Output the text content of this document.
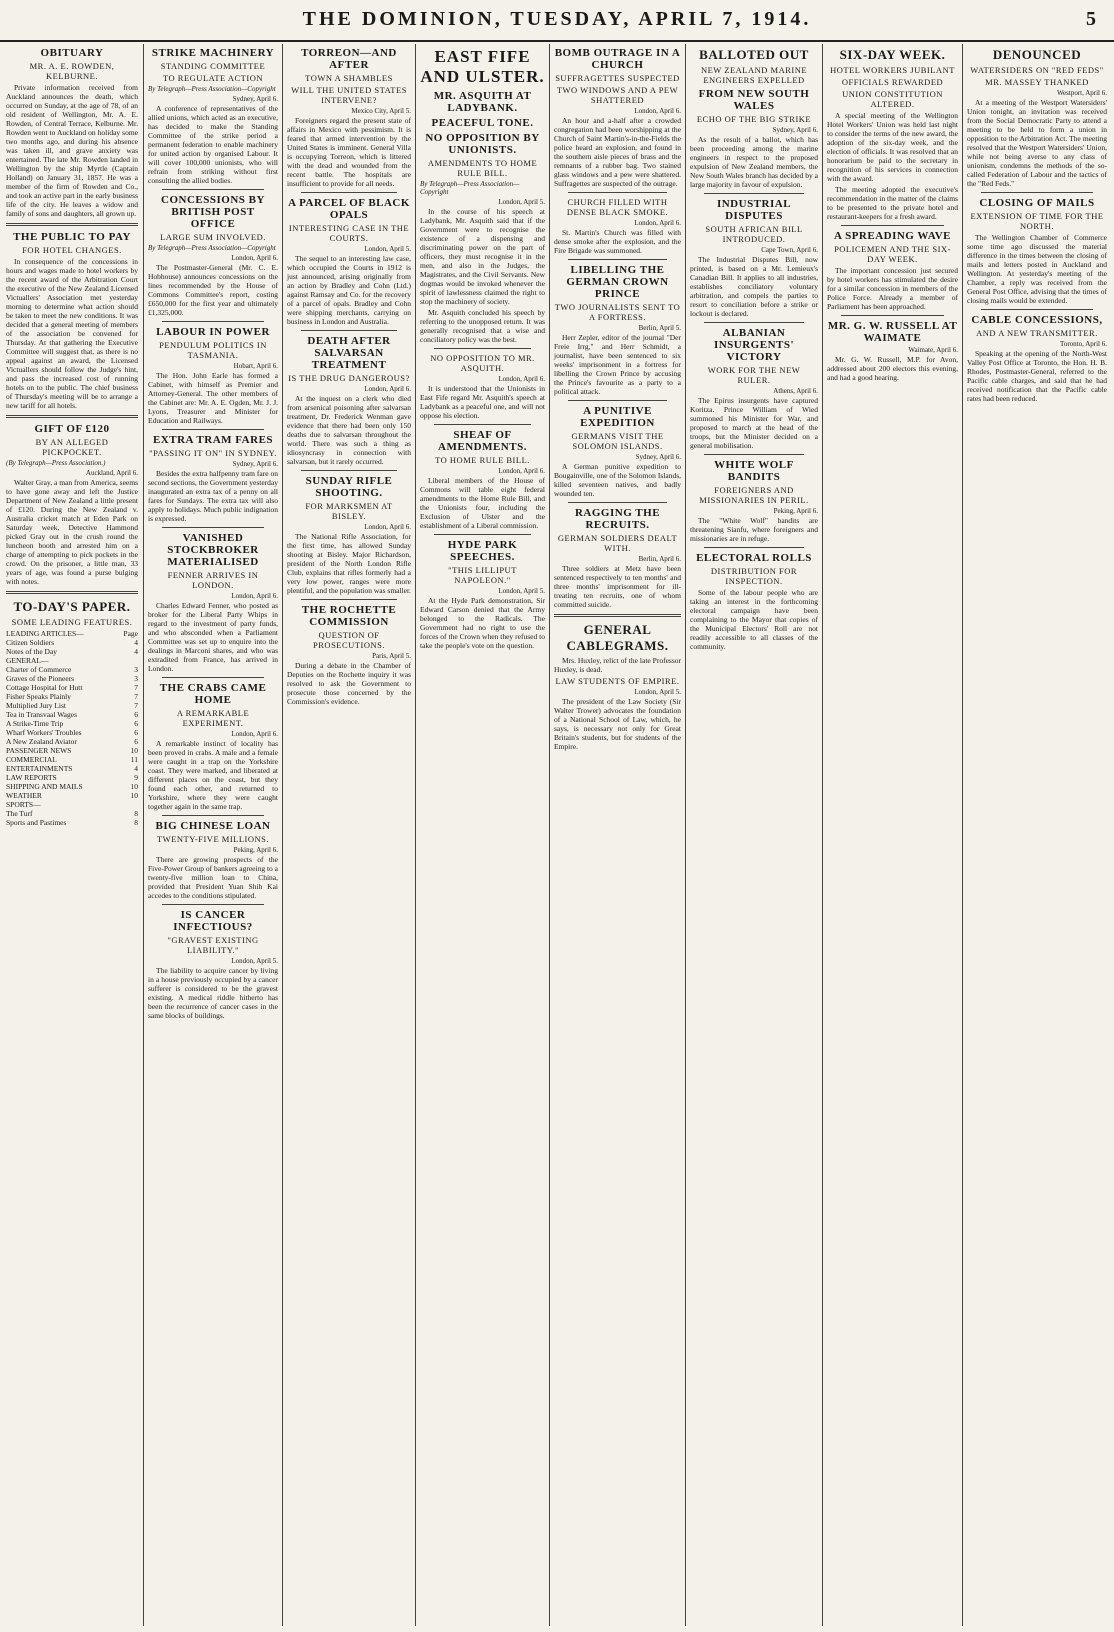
THE DOMINION, TUESDAY, APRIL 7, 1914.	5
OBITUARY
MR. A. E. ROWDEN, KELBURNE.

Private information received from Auckland announces the death, which occurred on Sunday, at the age of 78, of an old resident of Wellington, Mr. A. E. Rowden, of Central Terrace, Kelburne. Mr. Rowden went to Auckland on holiday some two months ago, and during his absence was taken ill, and grave anxiety was entertained. The late Mr. Rowden landed in Wellington by the ship Myrtle (Captain Holland) on January 31, 1857. He was a member of the firm of Rowden and Co., and took an active part in the early business life of the city. He leaves a widow and family of sons and daughters, all grown up.

THE PUBLIC TO PAY
FOR HOTEL CHANGES.

In consequence of the concessions in hours and wages made to hotel workers by the recent award of the Arbitration Court the executive of the New Zealand Licensed Victuallers' Association met yesterday morning to determine what action should be taken to meet the new conditions. It was decided that a general meeting of members of the association be convened for Thursday. At that gathering the Executive Committee will suggest that, as there is no appeal against an award, the Licensed Victuallers should follow the Judge's hint, and pass the increased cost of running hotels on to the public. The chief business of Thursday's meeting will be to arrange a new tariff for all hotels.

GIFT OF £120
BY AN ALLEGED PICKPOCKET.
(By Telegraph—Press Association.)
Auckland, April 6.

Walter Gray, a man from America, seems to have gone away and left the Justice Department of New Zealand a little present of £120. During the New Zealand v. Australia cricket match at Eden Park on Saturday week, Detective Hammond picked Gray out in the crush round the luncheon booth and arrested him on a charge of attempting to pick pockets in the crowd. On the prisoner, a little man, 33 years of age, was found a purse bulging with notes.

TO-DAY'S PAPER.
SOME LEADING FEATURES.
LEADING ARTICLES—	Page
Citizen Soldiers	4
Notes of the Day	4
GENERAL—
Charter of Commerce	3
Graves of the Pioneers	3
Cottage Hospital for Hutt	7
Fisher Speaks Plainly	7
Multiplied Jury List	7
Tea in Transvaal Wages	6
A Strike-Time Trip	6
Wharf Workers' Troubles	6
A New Zealand Aviator	6
PASSENGER NEWS	10
COMMERCIAL	11
ENTERTAINMENTS	4
LAW REPORTS	9
SHIPPING AND MAILS	10
WEATHER	10
SPORTS—
The Turf	8
Sports and Pastimes	8
STRIKE MACHINERY
STANDING COMMITTEE
TO REGULATE ACTION
By Telegraph—Press Association—Copyright
Sydney, April 6.

A conference of representatives of the allied unions, which acted as an executive, has decided to make the Standing Committee of the strike period a permanent federation to enable machinery for united action by organised Labour. It will cover 100,000 unionists, who will refrain from striking without first consulting the allied bodies.

CONCESSIONS BY BRITISH POST OFFICE
LARGE SUM INVOLVED.
By Telegraph—Press Association—Copyright
London, April 6.

The Postmaster-General (Mr. C. E. Hobhouse) announces concessions on the lines recommended by the House of Commons Committee's report, costing £650,000 for the first year and ultimately £1,325,000.

LABOUR IN POWER
PENDULUM POLITICS IN TASMANIA.
Hobart, April 6.

The Hon. John Earle has formed a Cabinet, with himself as Premier and Attorney-General. The other members of the Cabinet are: Mr. A. E. Ogden, Mr. J. J. Lyons, Treasurer and Minister for Education and Railways.

EXTRA TRAM FARES
"PASSING IT ON" IN SYDNEY.
Sydney, April 6.

Besides the extra halfpenny tram fare on second sections, the Government yesterday inaugurated an extra tax of a penny on all fares for Sundays. The extra tax will also apply to holidays. Much public indignation is expressed.

VANISHED STOCKBROKER MATERIALISED
FENNER ARRIVES IN LONDON.
London, April 6.

Charles Edward Fenner, who posted as broker for the Liberal Party Whips in regard to the investment of party funds, and who absconded when a Parliament Committee was set up to enquire into the dealings in Marconi shares, and who was extradited from France, has arrived in London.

THE CRABS CAME HOME
A REMARKABLE EXPERIMENT.
London, April 6.

A remarkable instinct of locality has been proved in crabs. A male and a female were caught in a trap on the Yorkshire coast. They were marked, and liberated at different places on the coast, but they found each other, and returned to Yorkshire, where they were caught together again in the same trap.

BIG CHINESE LOAN
TWENTY-FIVE MILLIONS.
Peking, April 6.

There are growing prospects of the Five-Power Group of bankers agreeing to a twenty-five million loan to China, provided that President Yuan Shih Kai accedes to the conditions stipulated.

IS CANCER INFECTIOUS?
"GRAVEST EXISTING LIABILITY."
London, April 5.

The liability to acquire cancer by living in a house previously occupied by a cancer sufferer is considered to be the gravest existing. A medical riddle hitherto has been the recurrence of cancer cases in the same blocks of buildings.

TORREON—AND AFTER
TOWN A SHAMBLES
WILL THE UNITED STATES INTERVENE?
Mexico City, April 5.

Foreigners regard the present state of affairs in Mexico with pessimism. It is feared that armed intervention by the United States is imminent. General Villa is occupying Torreon, which is littered with the dead and wounded from the recent battle. The hospitals are insufficient to provide for all needs.

A PARCEL OF BLACK OPALS
INTERESTING CASE IN THE COURTS.
London, April 5.

The sequel to an interesting law case, which occupied the Courts in 1912 is just announced, arising originally from an action by Bradley and Cohn (Ltd.) against Ramsay and Co. for the recovery of a parcel of opals. Bradley and Cohn were shipping merchants, carrying on business in London and Australia.

DEATH AFTER SALVARSAN TREATMENT
IS THE DRUG DANGEROUS?
London, April 6.

At the inquest on a clerk who died from arsenical poisoning after salvarsan treatment, Dr. Frederick Wenman gave evidence that there had been only 150 deaths due to salvarsan throughout the world. There was such a thing as idiosyncrasy in connection with salvarsan, but it rarely occurred.

SUNDAY RIFLE SHOOTING.
FOR MARKSMEN AT BISLEY.
London, April 6.

The National Rifle Association, for the first time, has allowed Sunday shooting at Bisley. Major Richardson, president of the North London Rifle Club, explains that rifles formerly had a very low power, ranges were more plentiful, and the population was smaller.

THE ROCHETTE COMMISSION
QUESTION OF PROSECUTIONS.
Paris, April 5.

During a debate in the Chamber of Deputies on the Rochette inquiry it was resolved to ask the Government to prosecute those concerned by the Commission's evidence.

EAST FIFE AND ULSTER.
MR. ASQUITH AT LADYBANK.
PEACEFUL TONE.
NO OPPOSITION BY UNIONISTS.
AMENDMENTS TO HOME RULE BILL.
By Telegraph—Press Association—Copyright
London, April 5.

In the course of his speech at Ladybank, Mr. Asquith said that if the Government were to recognise the existence of a dispensing and discriminating power on the part of officers, they must recognise it in the men, and also in the Judges, the Magistrates, and the Civil Servants. New dogmas would be invoked whenever the spirit of lawlessness claimed the right to stop the machinery of society.

Mr. Asquith concluded his speech by referring to the unopposed return. It was generally recognised that a wise and conciliatory policy was the best.

NO OPPOSITION TO MR. ASQUITH.
London, April 6.

It is understood that the Unionists in East Fife regard Mr. Asquith's speech at Ladybank as a peaceful one, and will not oppose his election.

SHEAF OF AMENDMENTS.
TO HOME RULE BILL.
London, April 6.

Liberal members of the House of Commons will table eight federal amendments to the Home Rule Bill, and the Unionists four, including the Exclusion of Ulster and the establishment of a Liberal commission.

HYDE PARK SPEECHES.
"THIS LILLIPUT NAPOLEON."
London, April 5.

At the Hyde Park demonstration, Sir Edward Carson denied that the Army belonged to the Radicals. The Government had no right to use the forces of the Crown when they refused to take the people's vote on the question.

BOMB OUTRAGE IN A CHURCH
SUFFRAGETTES SUSPECTED
TWO WINDOWS AND A PEW SHATTERED
London, April 6.

An hour and a-half after a crowded congregation had been worshipping at the Church of Saint Martin's-in-the-Fields the police heard an explosion, and found in the southern aisle pieces of brass and the remnants of a rubber bag. Two stained glass windows and a pew were shattered. Suffragettes are suspected of the outrage.

CHURCH FILLED WITH DENSE BLACK SMOKE.
London, April 6.

St. Martin's Church was filled with dense smoke after the explosion, and the Fire Brigade was summoned.

LIBELLING THE GERMAN CROWN PRINCE
TWO JOURNALISTS SENT TO A FORTRESS.
Berlin, April 5.

Herr Zepler, editor of the journal "Der Freie Irrg," and Herr Schmidt, a journalist, have been sentenced to six weeks' imprisonment in a fortress for libelling the Crown Prince by accusing the Prince's favourite as a party to a political attack.

A PUNITIVE EXPEDITION
GERMANS VISIT THE SOLOMON ISLANDS.
Sydney, April 6.

A German punitive expedition to Bougainville, one of the Solomon Islands, killed seventeen natives, and badly wounded ten.

RAGGING THE RECRUITS.
GERMAN SOLDIERS DEALT WITH.
Berlin, April 6.

Three soldiers at Metz have been sentenced respectively to ten months' and three months' imprisonment for ill-treating ten recruits, one of whom committed suicide.

GENERAL CABLEGRAMS.

Mrs. Huxley, relict of the late Professor Huxley, is dead.

LAW STUDENTS OF EMPIRE.
London, April 5.

The president of the Law Society (Sir Walter Trower) advocates the foundation of a National School of Law, which, he says, is necessary not only for Great Britain's students, but for students of the Empire.

BALLOTED OUT
NEW ZEALAND MARINE ENGINEERS EXPELLED
FROM NEW SOUTH WALES
ECHO OF THE BIG STRIKE
Sydney, April 6.

As the result of a ballot, which has been proceeding among the marine engineers in respect to the proposed expulsion of New Zealand members, the New South Wales branch has decided by a large majority in favour of expulsion.

INDUSTRIAL DISPUTES
SOUTH AFRICAN BILL INTRODUCED.
Cape Town, April 6.

The Industrial Disputes Bill, now printed, is based on a Mr. Lemieux's Canadian Bill. It applies to all industries, establishes conciliatory voluntary arbitration, and compels the parties to resort to conciliation before a strike or lockout is declared.

ALBANIAN INSURGENTS' VICTORY
WORK FOR THE NEW RULER.
Athens, April 6.

The Epirus insurgents have captured Koritza. Prince William of Wied summoned his Minister for War, and proposed to march at the head of the troops, but the Minister decided on a general mobilisation.

WHITE WOLF BANDITS
FOREIGNERS AND MISSIONARIES IN PERIL.
Peking, April 6.

The "White Wolf" bandits are threatening Sianfu, where foreigners and missionaries are in refuge.

ELECTORAL ROLLS
DISTRIBUTION FOR INSPECTION.

Some of the labour people who are taking an interest in the forthcoming electoral campaign have been complaining to the Mayor that copies of the Municipal Electors' Roll are not readily accessible to all classes of the community.

SIX-DAY WEEK.
HOTEL WORKERS JUBILANT
OFFICIALS REWARDED
UNION CONSTITUTION ALTERED.

A special meeting of the Wellington Hotel Workers' Union was held last night to consider the terms of the new award, the adoption of the six-day week, and the election of officials. It was resolved that an honorarium be paid to the secretary in recognition of his services in connection with the award.

The meeting adopted the executive's recommendation in the matter of the claims to be presented to the private hotel and restaurant-keepers for a fresh award.

A SPREADING WAVE
POLICEMEN AND THE SIX-DAY WEEK.

The important concession just secured by hotel workers has stimulated the desire for a similar concession in members of the Police Force. Already a member of Parliament has been approached.

MR. G. W. RUSSELL AT WAIMATE
Waimate, April 6.

Mr. G. W. Russell, M.P. for Avon, addressed about 200 electors this evening, and had a good hearing.

DENOUNCED
WATERSIDERS ON "RED FEDS"
MR. MASSEY THANKED
Westport, April 6.

At a meeting of the Westport Watersiders' Union tonight, an invitation was received from the Social Democratic Party to attend a meeting to be held to form a union in opposition to the Arbitration Act. The meeting resolved that the Westport Watersiders' Union, while not being averse to any class of unionism, condemns the methods of the so-called Federation of Labour and the tactics of the "Red Feds."

CLOSING OF MAILS
EXTENSION OF TIME FOR THE NORTH.

The Wellington Chamber of Commerce some time ago discussed the material difference in the times between the closing of mails and letters posted in Auckland and Wellington. At yesterday's meeting of the Chamber, a reply was received from the General Post Office, advising that the times of closing mails would be extended.

CABLE CONCESSIONS,
AND A NEW TRANSMITTER.
Toronto, April 6.

Speaking at the opening of the North-West Valley Post Office at Toronto, the Hon. H. B. Rhodes, Postmaster-General, referred to the Pacific cable charges, and said that he had received notification that the Pacific cable rates had been reduced.
